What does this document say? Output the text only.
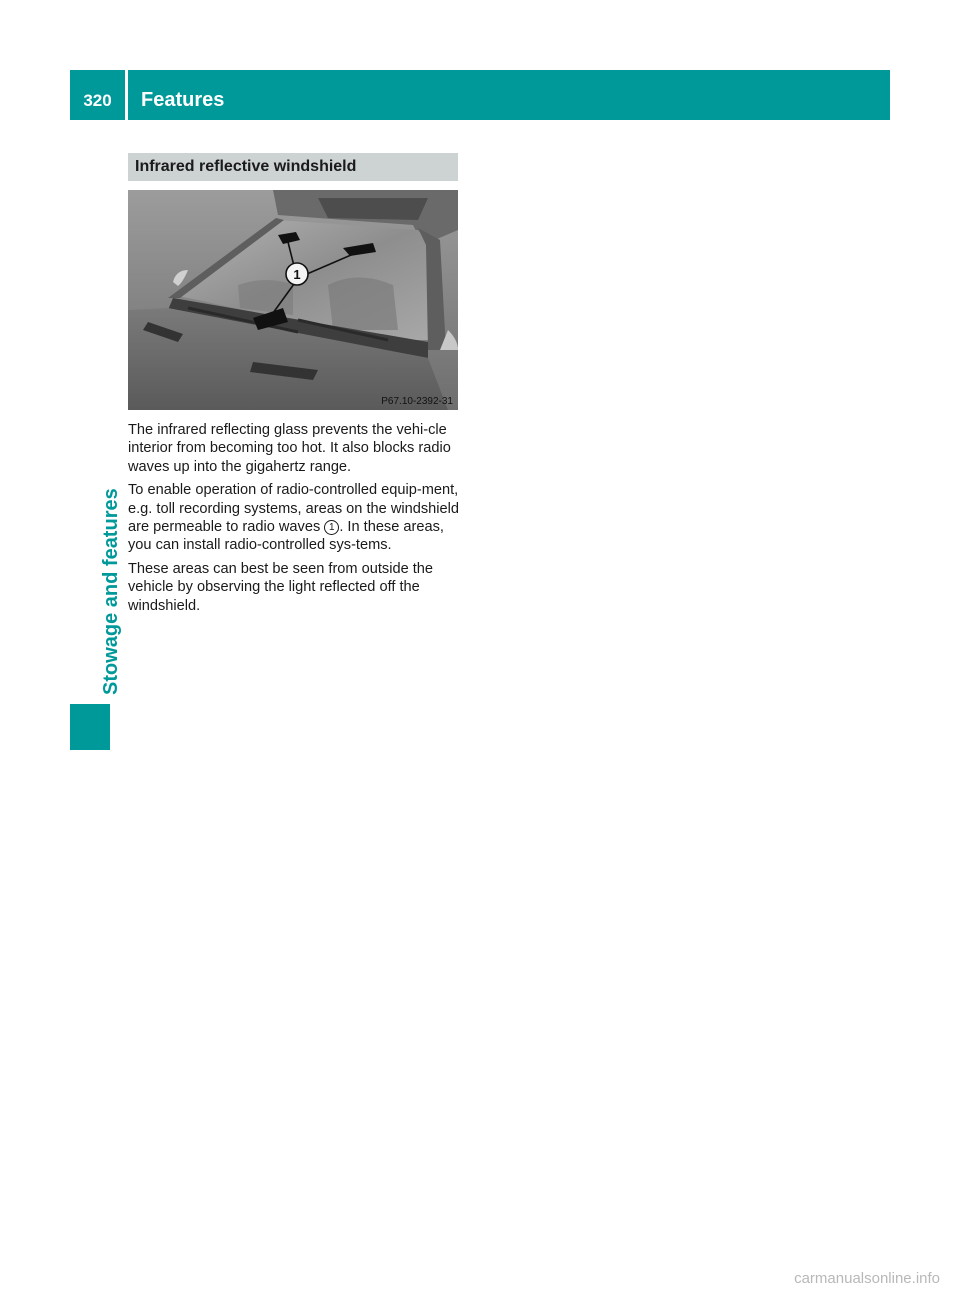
320	Features
Stowage and features
Infrared reflective windshield
1
P67.10-2392-31

The infrared reflecting glass prevents the vehi-cle interior from becoming too hot. It also blocks radio waves up into the gigahertz range.

To enable operation of radio-controlled equip-ment, e.g. toll recording systems, areas on the windshield are permeable to radio waves 1 . In these areas, you can install radio-controlled sys-tems.

These areas can best be seen from outside the vehicle by observing the light reflected off the windshield.

carmanualsonline.info
